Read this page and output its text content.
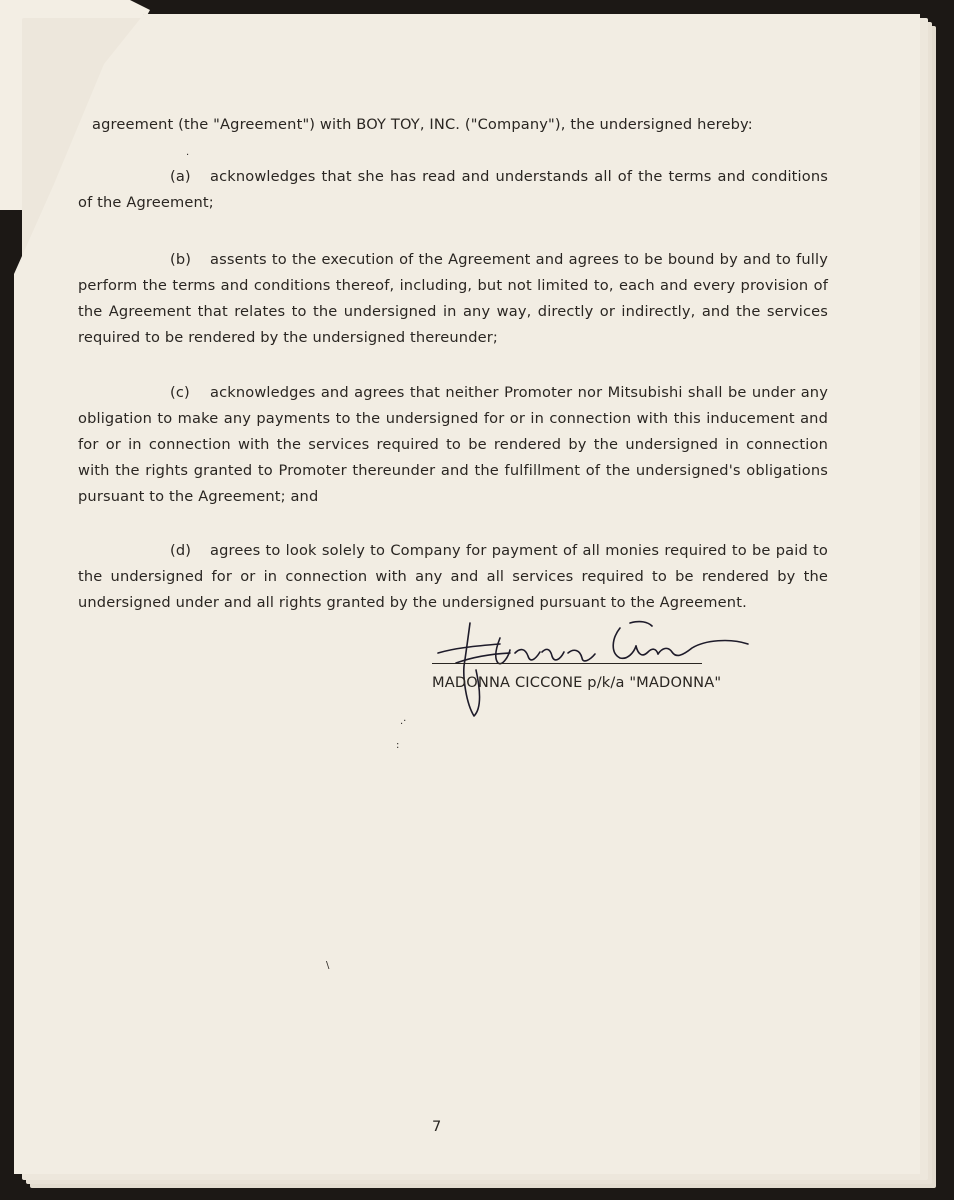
agreement (the "Agreement") with BOY TOY, INC. ("Company"), the undersigned hereby:
(a) acknowledges that she has read and understands all of the terms and conditions of the Agreement;
(b) assents to the execution of the Agreement and agrees to be bound by and to fully perform the terms and conditions thereof, including, but not limited to, each and every provision of the Agreement that relates to the undersigned in any way, directly or indirectly, and the services required to be rendered by the undersigned thereunder;
(c) acknowledges and agrees that neither Promoter nor Mitsubishi shall be under any obligation to make any payments to the undersigned for or in connection with this inducement and for or in connection with the services required to be rendered by the undersigned in connection with the rights granted to Promoter thereunder and the fulfillment of the undersigned's obligations pursuant to the Agreement; and
(d) agrees to look solely to Company for payment of all monies required to be paid to the undersigned for or in connection with any and all services required to be rendered by the undersigned under and all rights granted by the undersigned pursuant to the Agreement.
MADONNA CICCONE p/k/a "MADONNA"
7
.·
:
\
·
